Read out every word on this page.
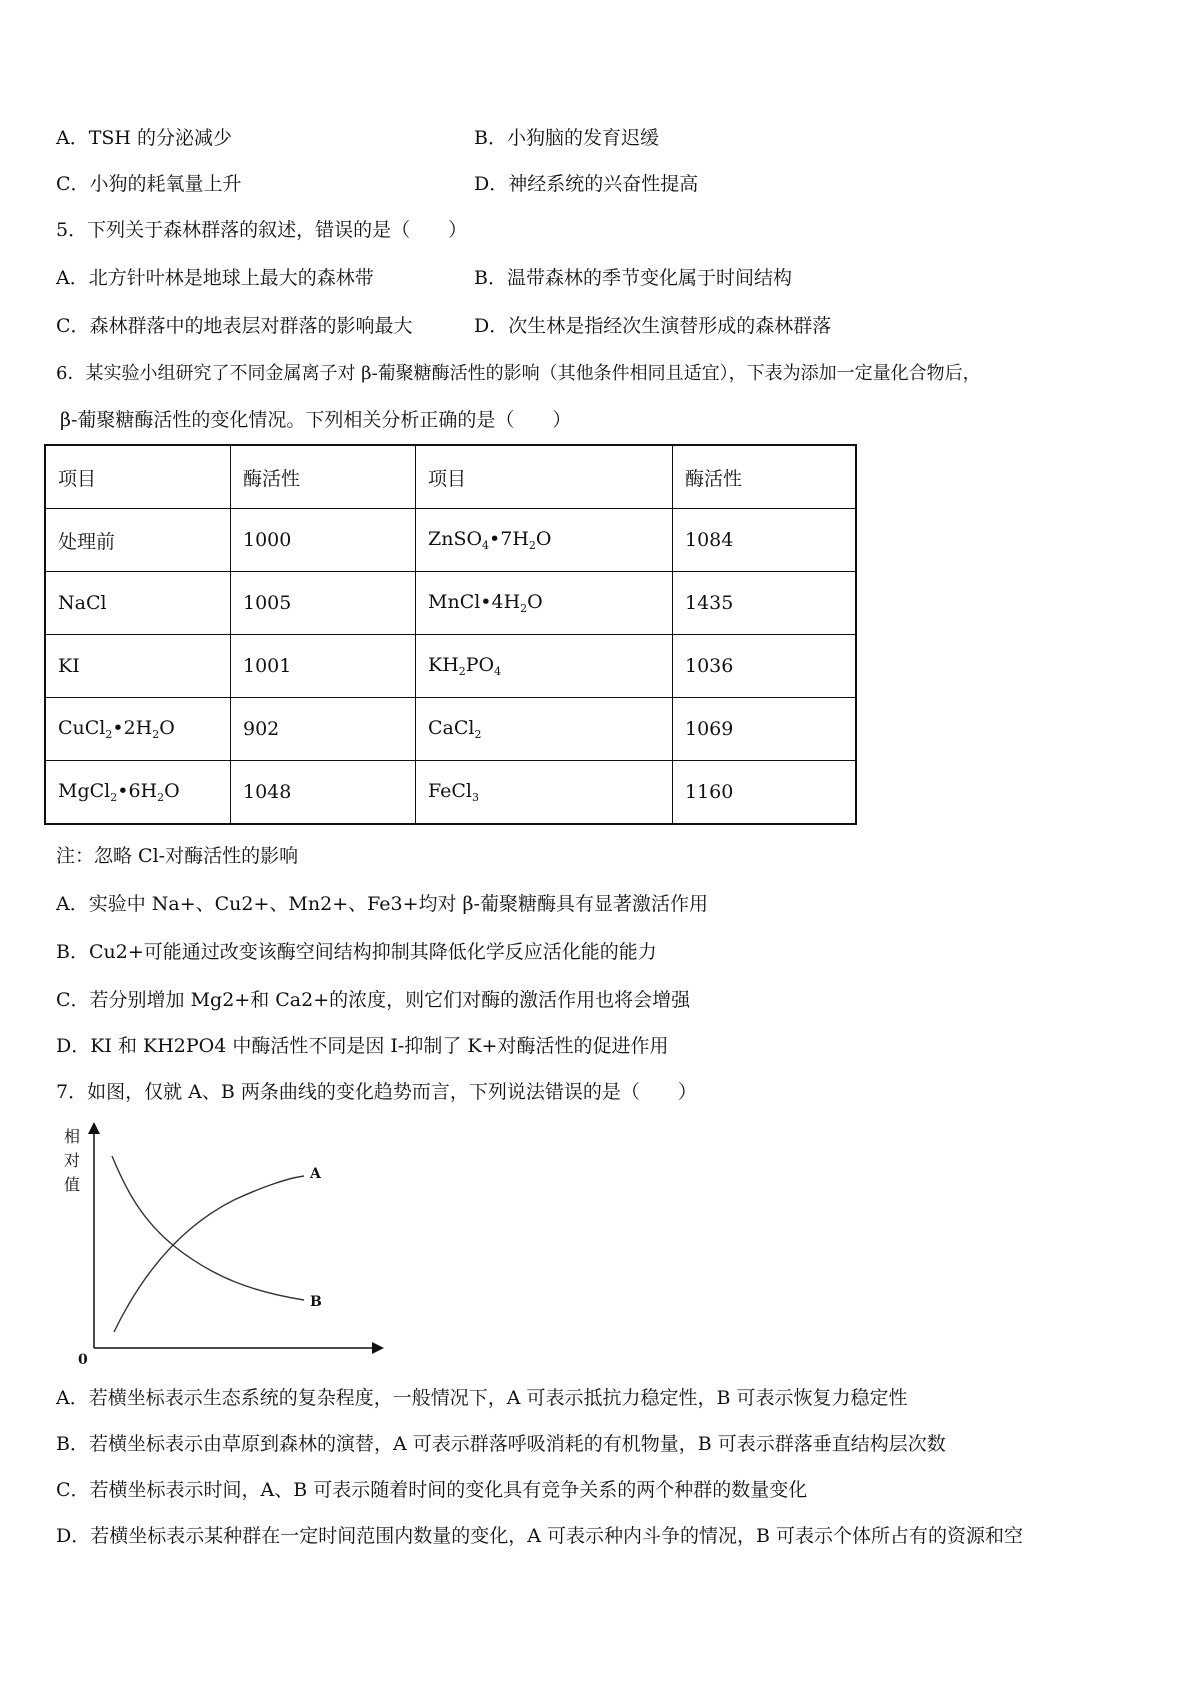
A．TSH 的分泌减少	B．小狗脑的发育迟缓
C．小狗的耗氧量上升	D．神经系统的兴奋性提高
5．下列关于森林群落的叙述，错误的是（　　）
A．北方针叶林是地球上最大的森林带	B．温带森林的季节变化属于时间结构
C．森林群落中的地表层对群落的影响最大	D．次生林是指经次生演替形成的森林群落
6．某实验小组研究了不同金属离子对 β-葡聚糖酶活性的影响（其他条件相同且适宜），下表为添加一定量化合物后，
β-葡聚糖酶活性的变化情况。下列相关分析正确的是（　　）
项目	酶活性	项目	酶活性
处理前	1000	$ZnSO_4•7H_2O$	1084
NaCl	1005	$MnCl•4H_2O$	1435
KI	1001	$KH_2PO_4$	1036
$CuCl_2•2H_2O$	902	CaCl$_2$	1069
$MgCl_2•6H_2O$	1048	FeCl$_3$	1160
注：忽略 Cl-对酶活性的影响
A．实验中 Na+、Cu2+、Mn2+、Fe3+均对 β-葡聚糖酶具有显著激活作用
B．Cu2+可能通过改变该酶空间结构抑制其降低化学反应活化能的能力
C．若分别增加 Mg2+和 Ca2+的浓度，则它们对酶的激活作用也将会增强
D．KI 和 KH2PO4 中酶活性不同是因 I-抑制了 K+对酶活性的促进作用
7．如图，仅就 A、B 两条曲线的变化趋势而言，下列说法错误的是（　　）
相
对
值
0
A
B
A．若横坐标表示生态系统的复杂程度，一般情况下，A 可表示抵抗力稳定性，B 可表示恢复力稳定性
B．若横坐标表示由草原到森林的演替，A 可表示群落呼吸消耗的有机物量，B 可表示群落垂直结构层次数
C．若横坐标表示时间，A、B 可表示随着时间的变化具有竞争关系的两个种群的数量变化
D．若横坐标表示某种群在一定时间范围内数量的变化，A 可表示种内斗争的情况，B 可表示个体所占有的资源和空
